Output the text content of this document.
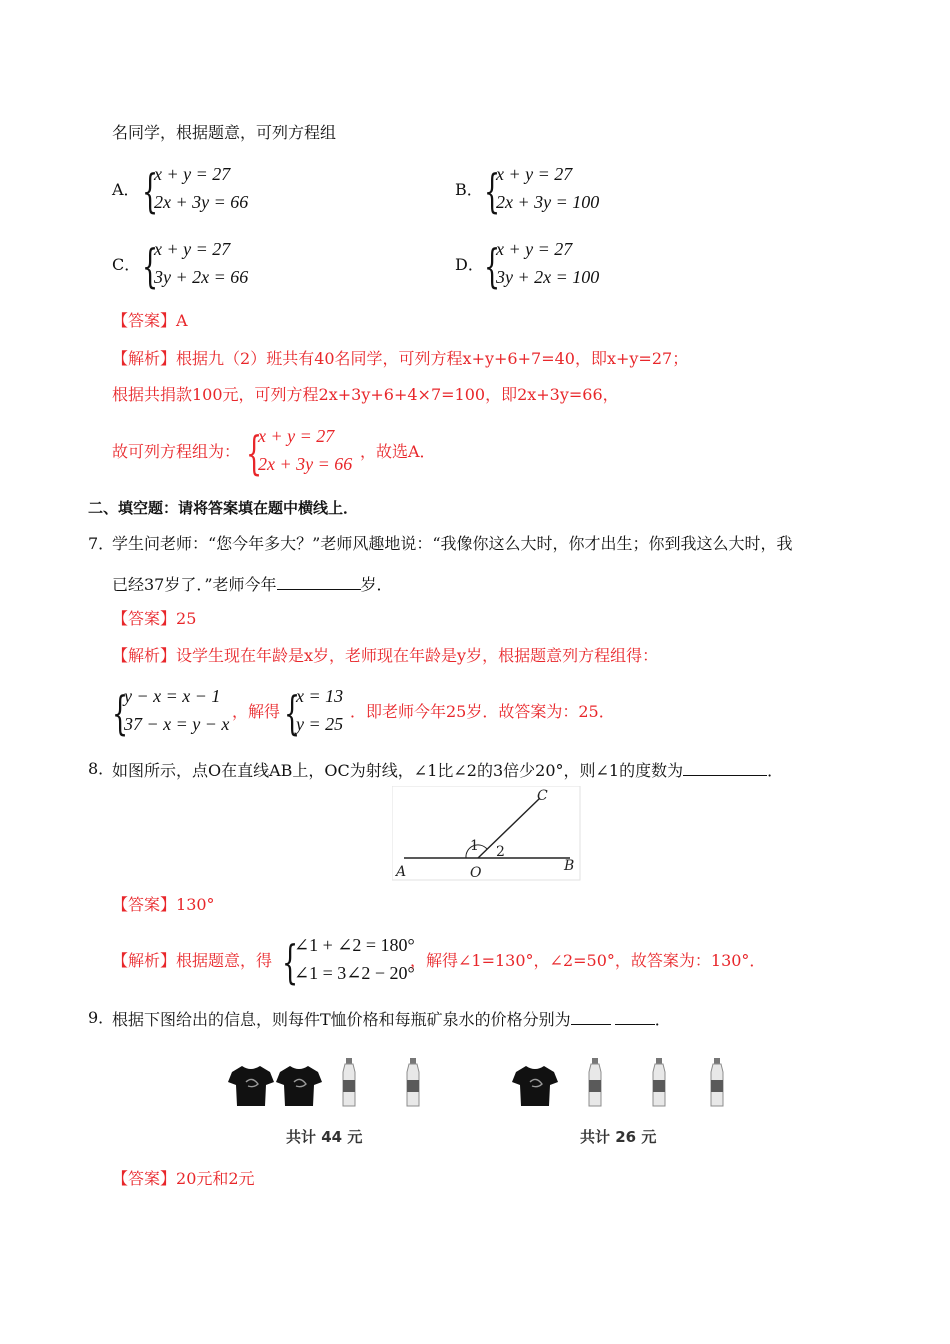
名同学，根据题意，可列方程组
A． {
x + y = 27
2x + 3y = 66
B． {
x + y = 27
2x + 3y = 100
C． {
x + y = 27
3y + 2x = 66
D． {
x + y = 27
3y + 2x = 100
【答案】A
【解析】根据九（2）班共有40名同学，可列方程x+y+6+7=40，即x+y=27；
根据共捐款100元，可列方程2x+3y+6+4×7=100，即2x+3y=66，
故可列方程组为： {
x + y = 27
2x + 3y = 66
，故选A．
二、填空题：请将答案填在题中横线上．
7．
学生问老师：“您今年多大？”老师风趣地说：“我像你这么大时，你才出生；你到我这么大时，我
已经37岁了．”老师今年	岁．
【答案】25
【解析】设学生现在年龄是x岁，老师现在年龄是y岁，根据题意列方程组得：
{
y − x = x − 1
37 − x = y − x
，解得 {
x = 13
y = 25
．即老师今年25岁．故答案为：25．
8．
如图所示，点O在直线AB上，OC为射线，∠1比∠2的3倍少20°，则∠1的度数为	．
C
1 2
A	O	B
【答案】130°
【解析】根据题意，得 {
∠1 + ∠2 = 180°
∠1 = 3∠2 − 20°
，解得∠1=130°，∠2=50°，故答案为：130°．
9．
根据下图给出的信息，则每件T恤价格和每瓶矿泉水的价格分别为	．
共计 44 元	共计 26 元
【答案】20元和2元
